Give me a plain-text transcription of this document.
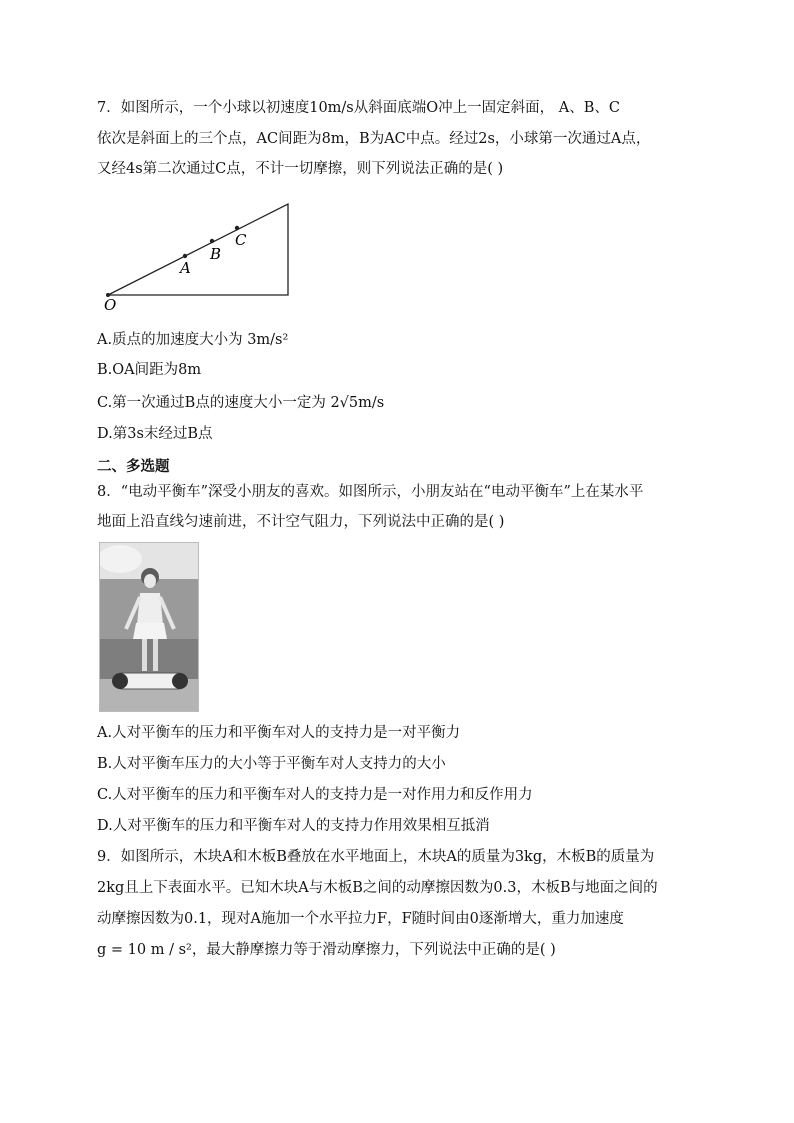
7．如图所示，一个小球以初速度10m/s从斜面底端O冲上一固定斜面， A、B、C
依次是斜面上的三个点，AC间距为8m，B为AC中点。经过2s，小球第一次通过A点，
又经4s第二次通过C点，不计一切摩擦，则下列说法正确的是( )
O
A
B
C
A.质点的加速度大小为 3m/s²
B.OA间距为8m
C.第一次通过B点的速度大小一定为 2√5m/s
D.第3s末经过B点
二、多选题
8．“电动平衡车”深受小朋友的喜欢。如图所示，小朋友站在“电动平衡车”上在某水平
地面上沿直线匀速前进，不计空气阻力，下列说法中正确的是( )
A.人对平衡车的压力和平衡车对人的支持力是一对平衡力
B.人对平衡车压力的大小等于平衡车对人支持力的大小
C.人对平衡车的压力和平衡车对人的支持力是一对作用力和反作用力
D.人对平衡车的压力和平衡车对人的支持力作用效果相互抵消
9．如图所示，木块A和木板B叠放在水平地面上，木块A的质量为3kg，木板B的质量为
2kg且上下表面水平。已知木块A与木板B之间的动摩擦因数为0.3，木板B与地面之间的
动摩擦因数为0.1，现对A施加一个水平拉力F，F随时间由0逐渐增大，重力加速度
g = 10 m / s²，最大静摩擦力等于滑动摩擦力，下列说法中正确的是( )
